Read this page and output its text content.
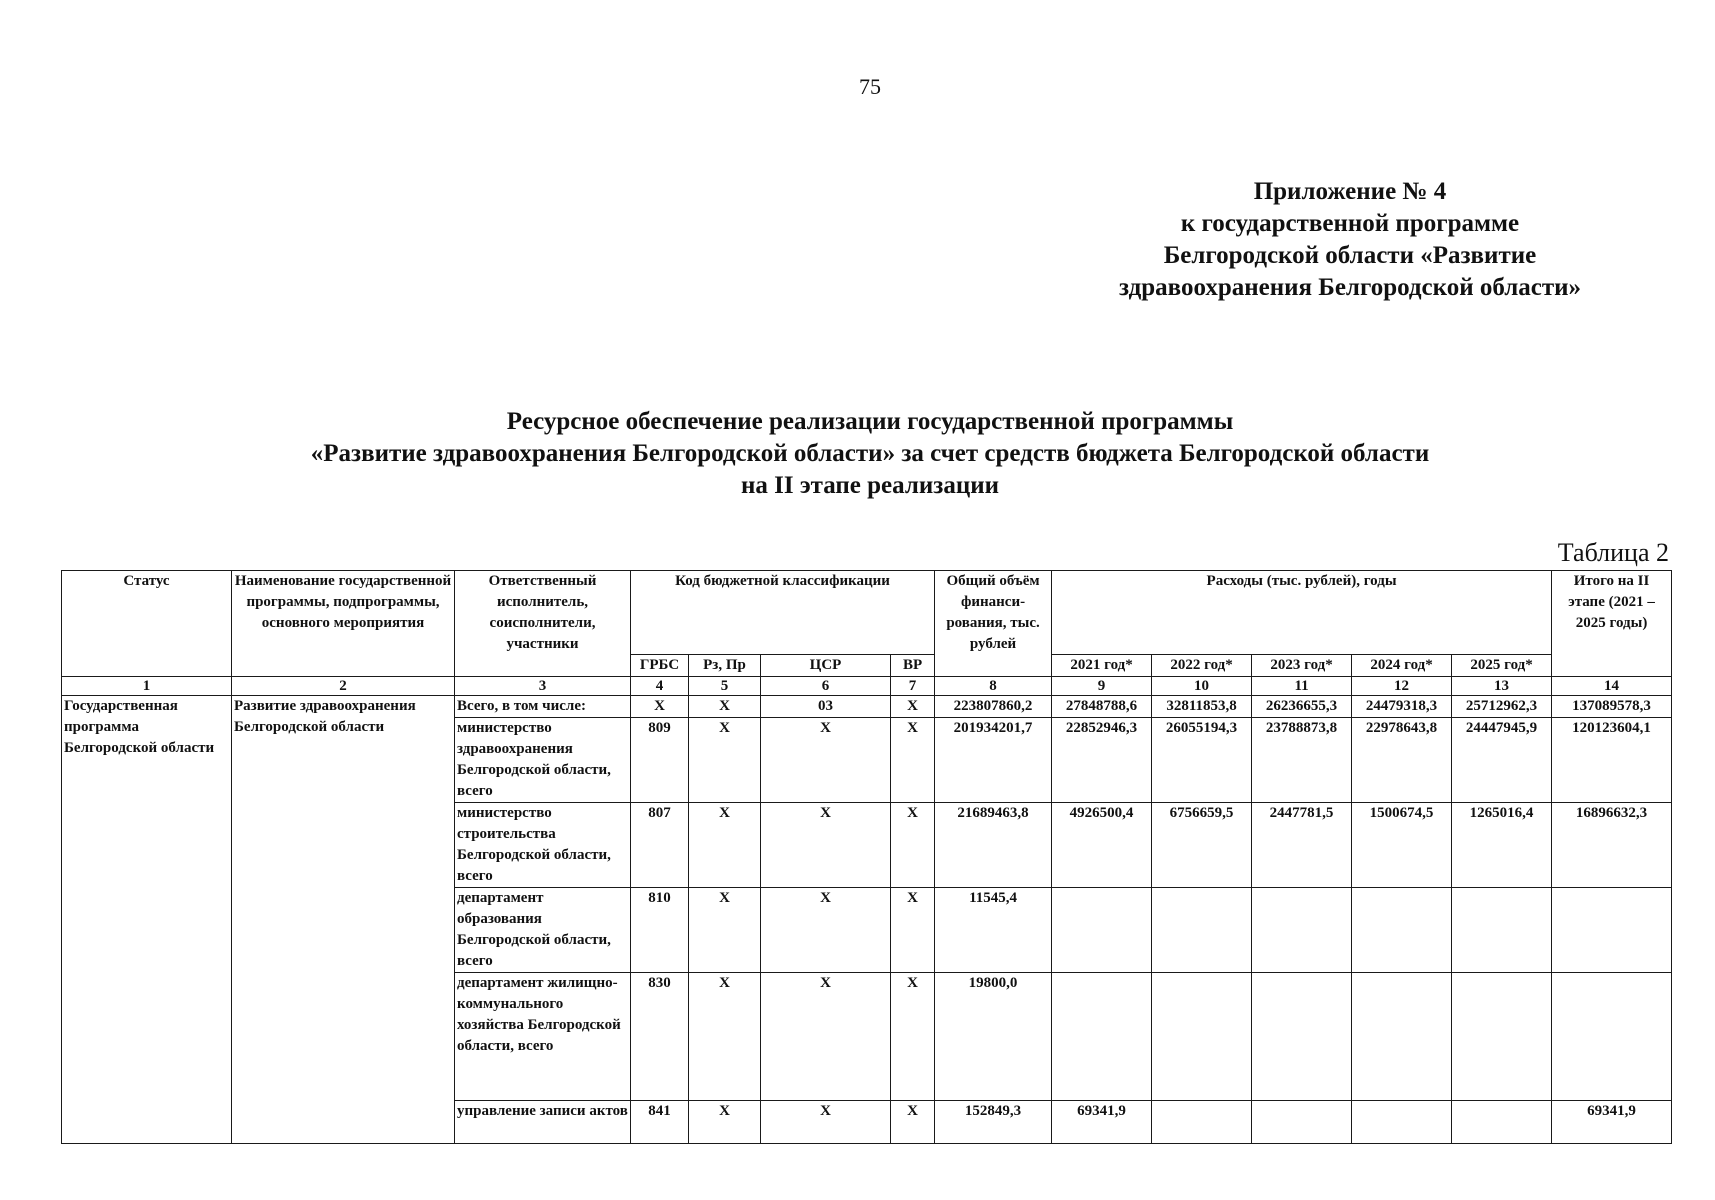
75
Приложение № 4
к государственной программе
Белгородской области «Развитие
здравоохранения Белгородской области»
Ресурсное обеспечение реализации государственной программы
«Развитие здравоохранения Белгородской области» за счет средств бюджета Белгородской области
на II этапе реализации
Таблица 2
Статус	Наименование государственной программы, подпрограммы, основного мероприятия	Ответственный исполнитель, соисполнители, участники	Код бюджетной классификации				Общий объём финанси-рования, тыс. рублей	Расходы (тыс. рублей), годы					Итого на II этапе (2021 – 2025 годы)
			ГРБС	Рз, Пр	ЦСР	ВР		2021 год*	2022 год*	2023 год*	2024 год*	2025 год*	
1	2	3	4	5	6	7	8	9	10	11	12	13	14
Государственная программа Белгородской области	Развитие здравоохранения Белгородской области	Всего, в том числе:	Х	Х	03	Х	223807860,2	27848788,6	32811853,8	26236655,3	24479318,3	25712962,3	137089578,3
		министерство здравоохранения Белгородской области, всего	809	Х	Х	Х	201934201,7	22852946,3	26055194,3	23788873,8	22978643,8	24447945,9	120123604,1
		министерство строительства Белгородской области, всего	807	Х	Х	Х	21689463,8	4926500,4	6756659,5	2447781,5	1500674,5	1265016,4	16896632,3
		департамент образования Белгородской области, всего	810	Х	Х	Х	11545,4						
		департамент жилищно-коммунального хозяйства Белгородской области, всего	830	Х	Х	Х	19800,0						
		управление записи актов	841	Х	Х	Х	152849,3	69341,9					69341,9
